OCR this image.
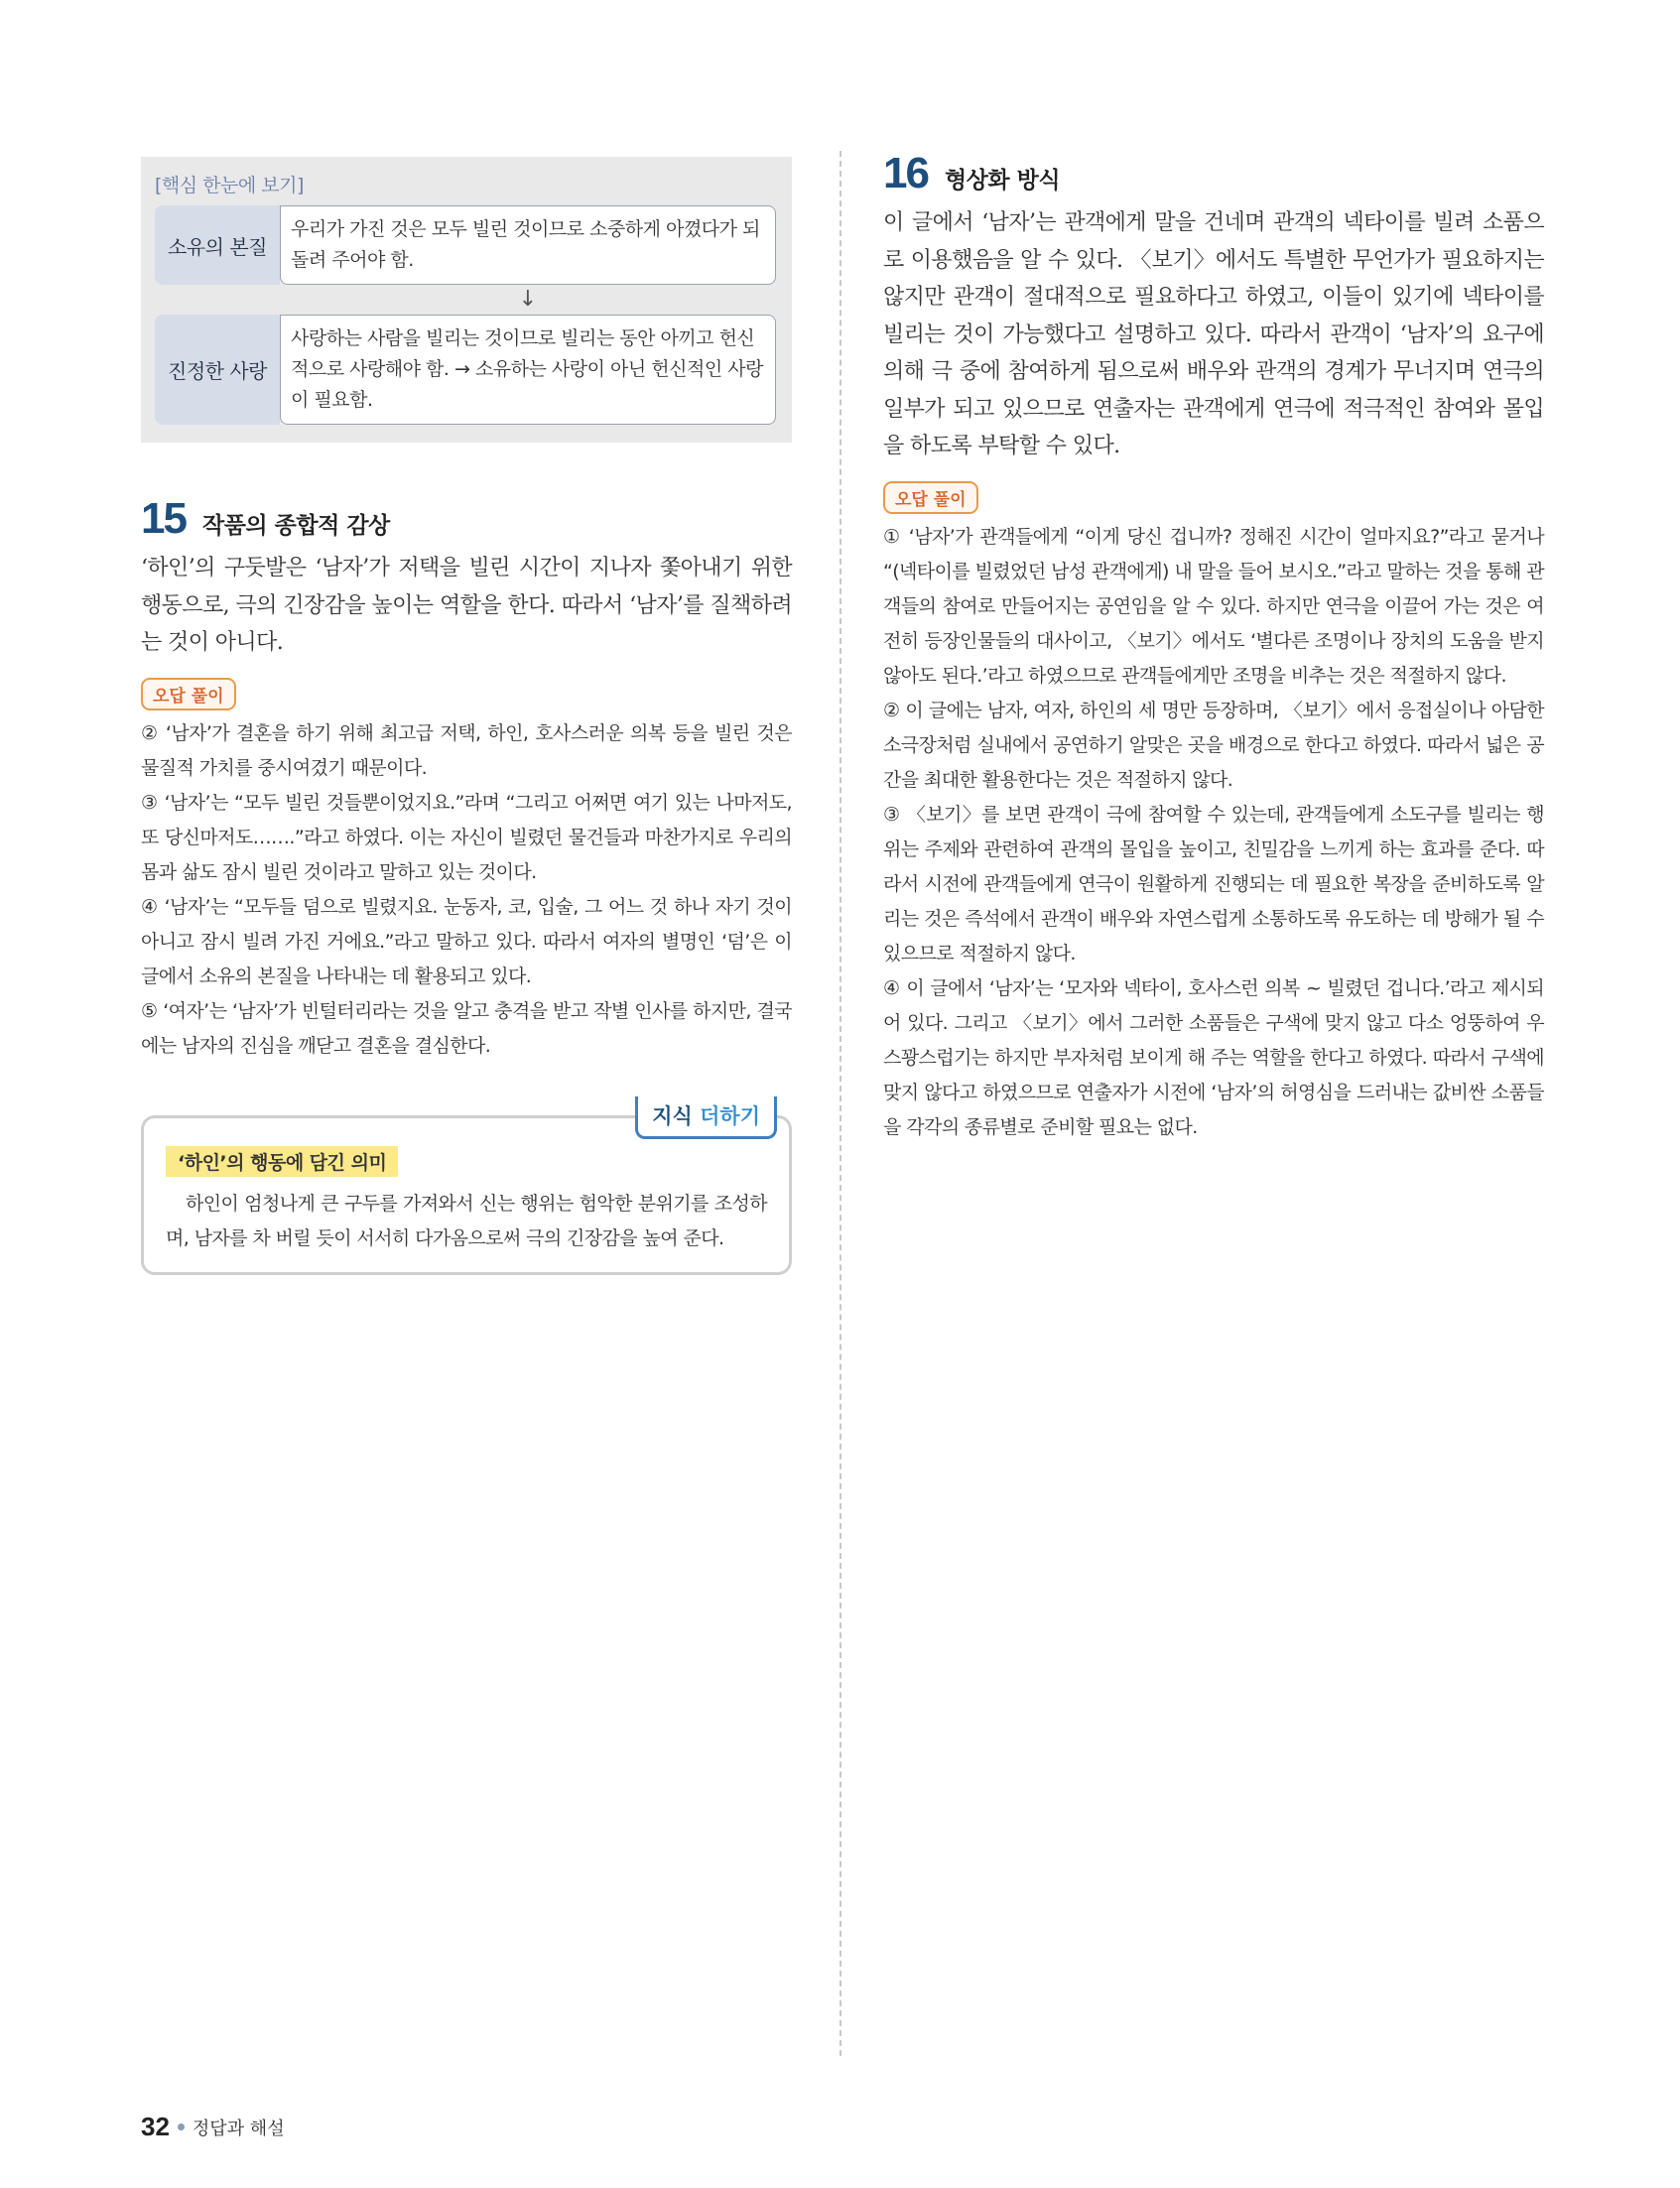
[핵심 한눈에 보기]
소유의 본질
우리가 가진 것은 모두 빌린 것이므로 소중하게 아꼈다가 되돌려 주어야 함.
↓
진정한 사랑
사랑하는 사람을 빌리는 것이므로 빌리는 동안 아끼고 헌신적으로 사랑해야 함. → 소유하는 사랑이 아닌 헌신적인 사랑이 필요함.
15 작품의 종합적 감상

‘하인’의 구둣발은 ‘남자’가 저택을 빌린 시간이 지나자 쫓아내기 위한 행동으로, 극의 긴장감을 높이는 역할을 한다. 따라서 ‘남자’를 질책하려는 것이 아니다.

오답 풀이

② ‘남자’가 결혼을 하기 위해 최고급 저택, 하인, 호사스러운 의복 등을 빌린 것은 물질적 가치를 중시여겼기 때문이다.

③ ‘남자’는 “모두 빌린 것들뿐이었지요.”라며 “그리고 어쩌면 여기 있는 나마저도, 또 당신마저도…….”라고 하였다. 이는 자신이 빌렸던 물건들과 마찬가지로 우리의 몸과 삶도 잠시 빌린 것이라고 말하고 있는 것이다.

④ ‘남자’는 “모두들 덤으로 빌렸지요. 눈동자, 코, 입술, 그 어느 것 하나 자기 것이 아니고 잠시 빌려 가진 거에요.”라고 말하고 있다. 따라서 여자의 별명인 ‘덤’은 이 글에서 소유의 본질을 나타내는 데 활용되고 있다.

⑤ ‘여자’는 ‘남자’가 빈털터리라는 것을 알고 충격을 받고 작별 인사를 하지만, 결국에는 남자의 진심을 깨닫고 결혼을 결심한다.

지식 더하기
‘하인’의 행동에 담긴 의미

하인이 엄청나게 큰 구두를 가져와서 신는 행위는 험악한 분위기를 조성하며, 남자를 차 버릴 듯이 서서히 다가옴으로써 극의 긴장감을 높여 준다.

16 형상화 방식

이 글에서 ‘남자’는 관객에게 말을 건네며 관객의 넥타이를 빌려 소품으로 이용했음을 알 수 있다. 〈보기〉에서도 특별한 무언가가 필요하지는 않지만 관객이 절대적으로 필요하다고 하였고, 이들이 있기에 넥타이를 빌리는 것이 가능했다고 설명하고 있다. 따라서 관객이 ‘남자’의 요구에 의해 극 중에 참여하게 됨으로써 배우와 관객의 경계가 무너지며 연극의 일부가 되고 있으므로 연출자는 관객에게 연극에 적극적인 참여와 몰입을 하도록 부탁할 수 있다.

오답 풀이

① ‘남자’가 관객들에게 “이게 당신 겁니까? 정해진 시간이 얼마지요?”라고 묻거나 “(넥타이를 빌렸었던 남성 관객에게) 내 말을 들어 보시오.”라고 말하는 것을 통해 관객들의 참여로 만들어지는 공연임을 알 수 있다. 하지만 연극을 이끌어 가는 것은 여전히 등장인물들의 대사이고, 〈보기〉에서도 ‘별다른 조명이나 장치의 도움을 받지 않아도 된다.’라고 하였으므로 관객들에게만 조명을 비추는 것은 적절하지 않다.

② 이 글에는 남자, 여자, 하인의 세 명만 등장하며, 〈보기〉에서 응접실이나 아담한 소극장처럼 실내에서 공연하기 알맞은 곳을 배경으로 한다고 하였다. 따라서 넓은 공간을 최대한 활용한다는 것은 적절하지 않다.

③ 〈보기〉를 보면 관객이 극에 참여할 수 있는데, 관객들에게 소도구를 빌리는 행위는 주제와 관련하여 관객의 몰입을 높이고, 친밀감을 느끼게 하는 효과를 준다. 따라서 시전에 관객들에게 연극이 원활하게 진행되는 데 필요한 복장을 준비하도록 알리는 것은 즉석에서 관객이 배우와 자연스럽게 소통하도록 유도하는 데 방해가 될 수 있으므로 적절하지 않다.

④ 이 글에서 ‘남자’는 ‘모자와 넥타이, 호사스런 의복 ~ 빌렸던 겁니다.’라고 제시되어 있다. 그리고 〈보기〉에서 그러한 소품들은 구색에 맞지 않고 다소 엉뚱하여 우스꽝스럽기는 하지만 부자처럼 보이게 해 주는 역할을 한다고 하였다. 따라서 구색에 맞지 않다고 하였으므로 연출자가 시전에 ‘남자’의 허영심을 드러내는 값비싼 소품들을 각각의 종류별로 준비할 필요는 없다.

32 정답과 해설
